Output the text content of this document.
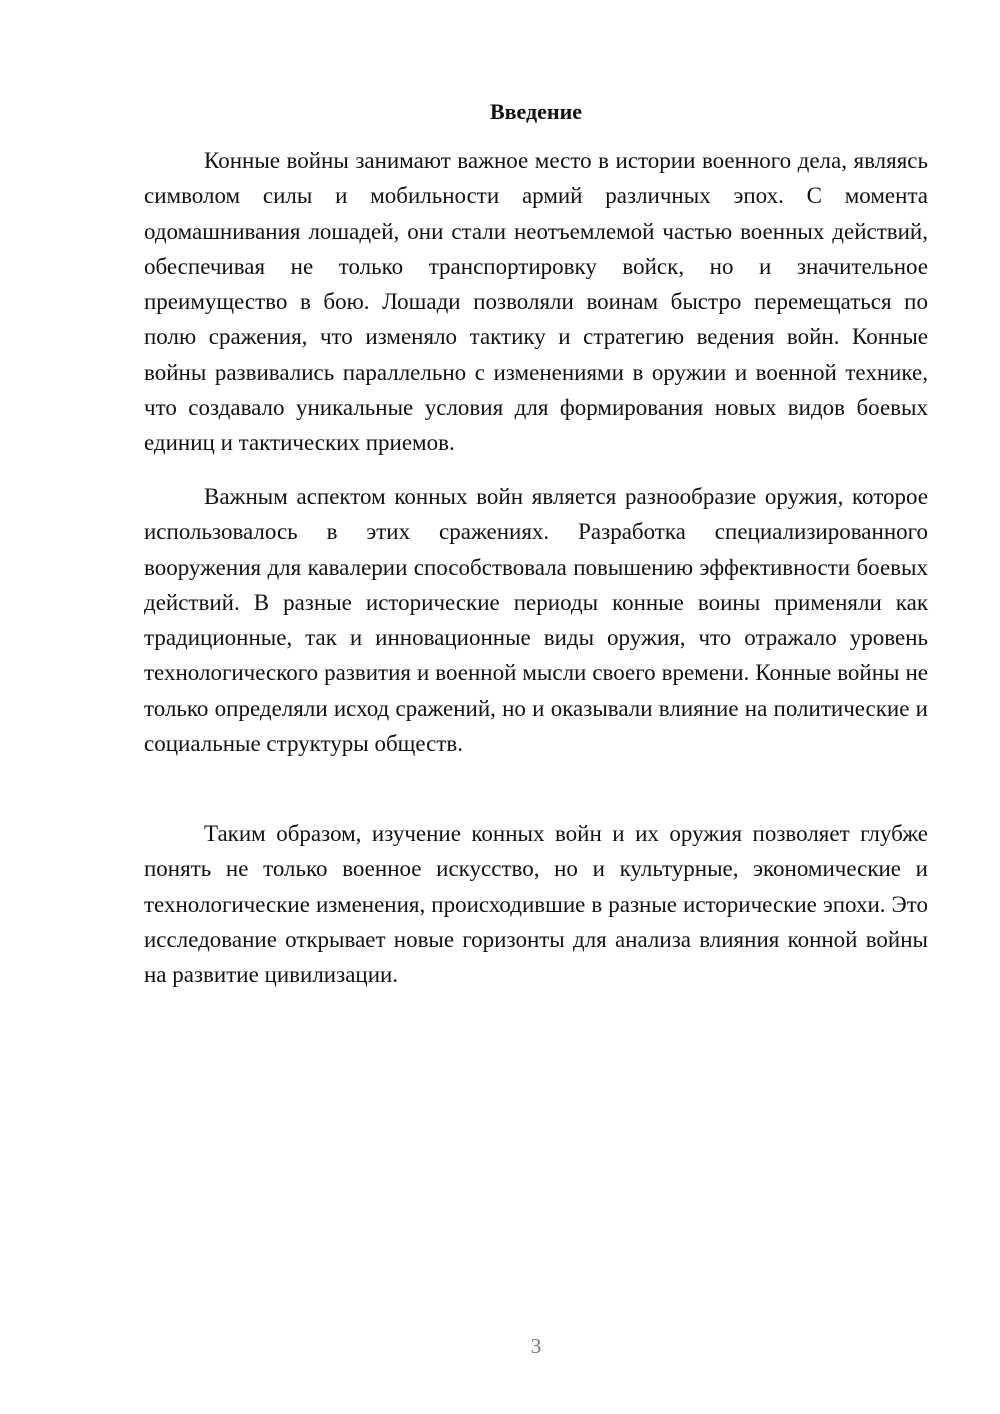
Введение

Конные войны занимают важное место в истории военного дела, являясь символом силы и мобильности армий различных эпох. С момента одомашнивания лошадей, они стали неотъемлемой частью военных действий, обеспечивая не только транспортировку войск, но и значительное преимущество в бою. Лошади позволяли воинам быстро перемещаться по полю сражения, что изменяло тактику и стратегию ведения войн. Конные войны развивались параллельно с изменениями в оружии и военной технике, что создавало уникальные условия для формирования новых видов боевых единиц и тактических приемов.

Важным аспектом конных войн является разнообразие оружия, которое использовалось в этих сражениях. Разработка специализированного вооружения для кавалерии способствовала повышению эффективности боевых действий. В разные исторические периоды конные воины применяли как традиционные, так и инновационные виды оружия, что отражало уровень технологического развития и военной мысли своего времени. Конные войны не только определяли исход сражений, но и оказывали влияние на политические и социальные структуры обществ.

Таким образом, изучение конных войн и их оружия позволяет глубже понять не только военное искусство, но и культурные, экономические и технологические изменения, происходившие в разные исторические эпохи. Это исследование открывает новые горизонты для анализа влияния конной войны на развитие цивилизации.

3
